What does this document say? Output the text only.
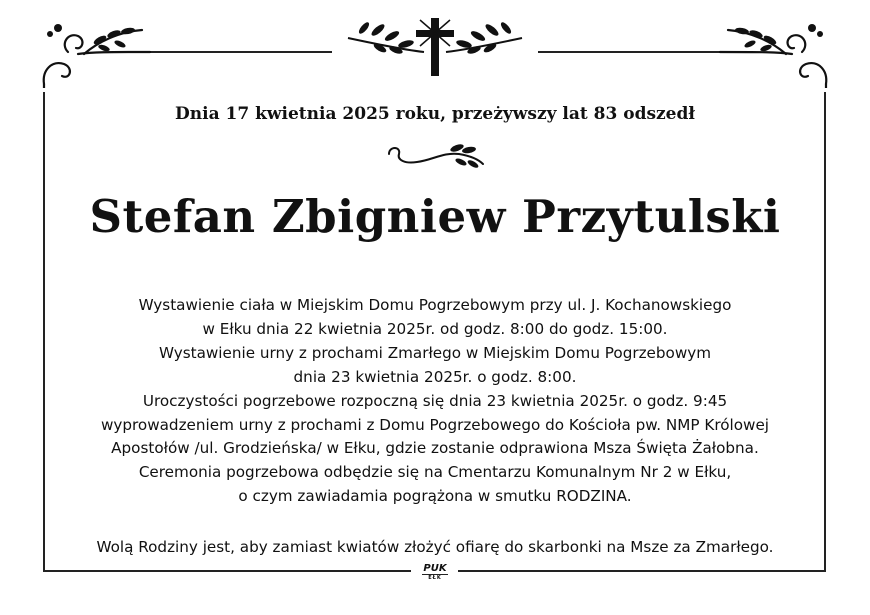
Dnia 17 kwietnia 2025 roku, przeżywszy lat 83 odszedł
Stefan Zbigniew Przytulski
Wystawienie ciała w Miejskim Domu Pogrzebowym przy ul. J. Kochanowskiego
w Ełku dnia 22 kwietnia 2025r. od godz. 8:00 do godz. 15:00.
Wystawienie urny z prochami Zmarłego w Miejskim Domu Pogrzebowym
dnia 23 kwietnia 2025r. o godz. 8:00.
Uroczystości pogrzebowe rozpoczną się dnia 23 kwietnia 2025r. o godz. 9:45
wyprowadzeniem urny z prochami z Domu Pogrzebowego do Kościoła pw. NMP Królowej
Apostołów /ul. Grodzieńska/ w Ełku, gdzie zostanie odprawiona Msza Święta Żałobna.
Ceremonia pogrzebowa odbędzie się na Cmentarzu Komunalnym Nr 2 w Ełku,
o czym zawiadamia pogrążona w smutku RODZINA.
Wolą Rodziny jest, aby zamiast kwiatów złożyć ofiarę do skarbonki na Msze za Zmarłego.
PUK
EŁK
